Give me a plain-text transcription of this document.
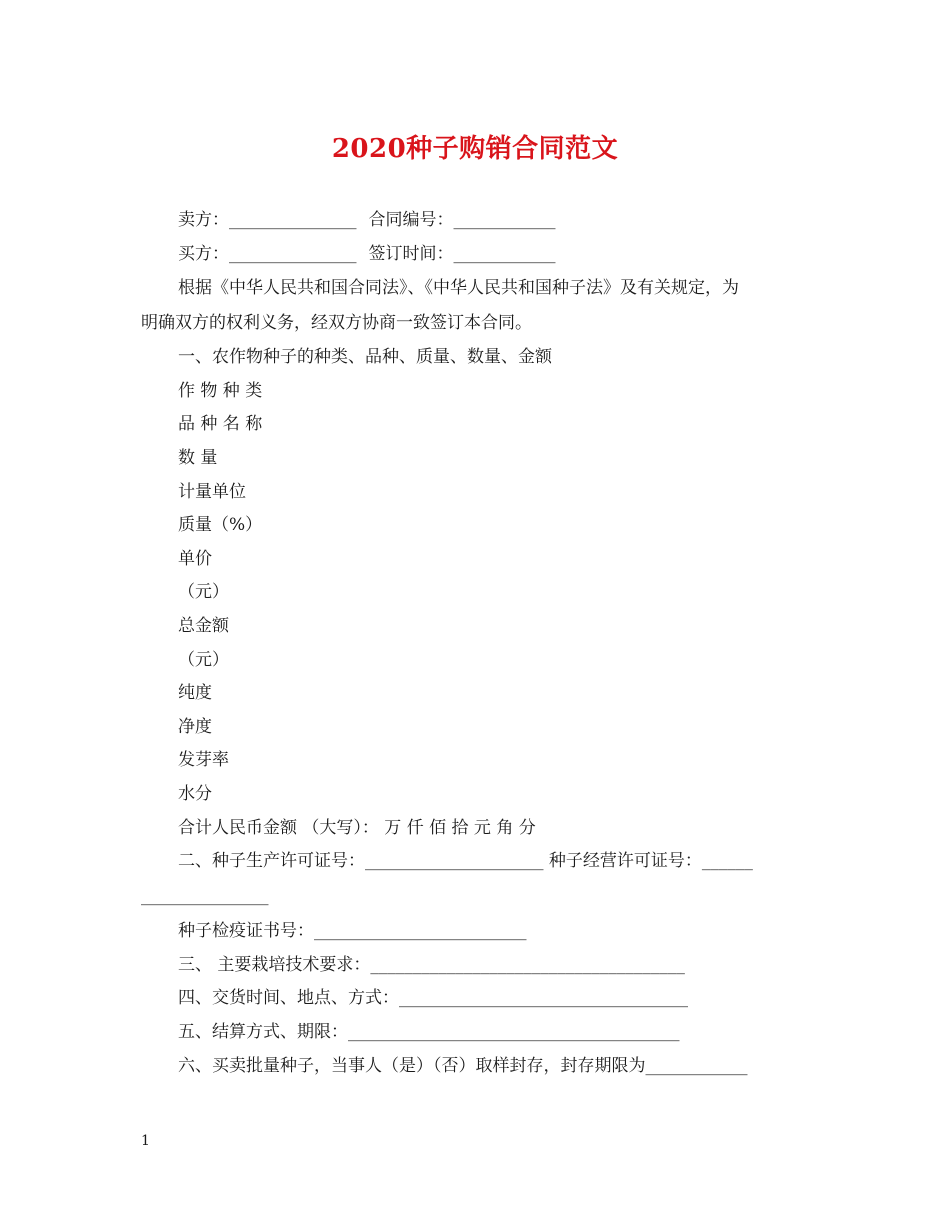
2020种子购销合同范文
卖方：_______________ 合同编号：____________
买方：_______________ 签订时间：____________
根据《中华人民共和国合同法》、《中华人民共和国种子法》及有关规定，为
明确双方的权利义务，经双方协商一致签订本合同。
一、农作物种子的种类、品种、质量、数量、金额
作 物 种 类
品 种 名 称
数 量
计量单位
质量（%）
单价
（元）
总金额
（元）
纯度
净度
发芽率
水分
合计人民币金额 （大写）： 万 仟 佰 拾 元 角 分
二、种子生产许可证号：_____________________ 种子经营许可证号：______
_______________
种子检疫证书号：_________________________
三、 主要栽培技术要求：_____________________________________
四、交货时间、地点、方式：__________________________________
五、结算方式、期限：_______________________________________
六、买卖批量种子，当事人（是）（否）取样封存，封存期限为____________
1
